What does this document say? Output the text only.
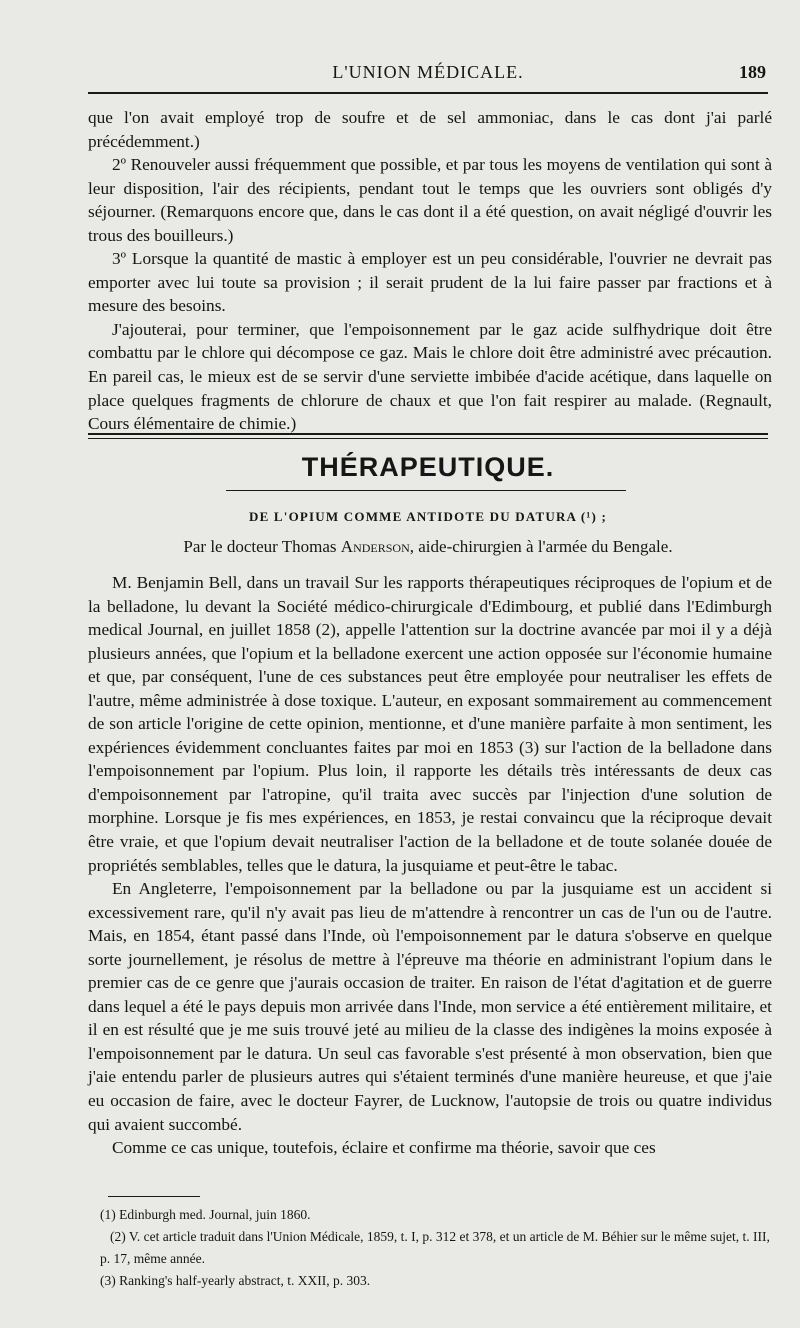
L'UNION MÉDICALE.	189

que l'on avait employé trop de soufre et de sel ammoniac, dans le cas dont j'ai parlé précédemment.)

2º Renouveler aussi fréquemment que possible, et par tous les moyens de ventilation qui sont à leur disposition, l'air des récipients, pendant tout le temps que les ouvriers sont obligés d'y séjourner. (Remarquons encore que, dans le cas dont il a été question, on avait négligé d'ouvrir les trous des bouilleurs.)

3º Lorsque la quantité de mastic à employer est un peu considérable, l'ouvrier ne devrait pas emporter avec lui toute sa provision ; il serait prudent de la lui faire passer par fractions et à mesure des besoins.

J'ajouterai, pour terminer, que l'empoisonnement par le gaz acide sulfhydrique doit être combattu par le chlore qui décompose ce gaz. Mais le chlore doit être administré avec précaution. En pareil cas, le mieux est de se servir d'une serviette imbibée d'acide acétique, dans laquelle on place quelques fragments de chlorure de chaux et que l'on fait respirer au malade. (Regnault, Cours élémentaire de chimie.)

THÉRAPEUTIQUE.
DE L'OPIUM COMME ANTIDOTE DU DATURA (¹) ;
Par le docteur Thomas Anderson, aide-chirurgien à l'armée du Bengale.

M. Benjamin Bell, dans un travail Sur les rapports thérapeutiques réciproques de l'opium et de la belladone, lu devant la Société médico-chirurgicale d'Edimbourg, et publié dans l'Edimburgh medical Journal, en juillet 1858 (2), appelle l'attention sur la doctrine avancée par moi il y a déjà plusieurs années, que l'opium et la belladone exercent une action opposée sur l'économie humaine et que, par conséquent, l'une de ces substances peut être employée pour neutraliser les effets de l'autre, même administrée à dose toxique. L'auteur, en exposant sommairement au commencement de son article l'origine de cette opinion, mentionne, et d'une manière parfaite à mon sentiment, les expériences évidemment concluantes faites par moi en 1853 (3) sur l'action de la belladone dans l'empoisonnement par l'opium. Plus loin, il rapporte les détails très intéressants de deux cas d'empoisonnement par l'atropine, qu'il traita avec succès par l'injection d'une solution de morphine. Lorsque je fis mes expériences, en 1853, je restai convaincu que la réciproque devait être vraie, et que l'opium devait neutraliser l'action de la belladone et de toute solanée douée de propriétés semblables, telles que le datura, la jusquiame et peut-être le tabac.

En Angleterre, l'empoisonnement par la belladone ou par la jusquiame est un accident si excessivement rare, qu'il n'y avait pas lieu de m'attendre à rencontrer un cas de l'un ou de l'autre. Mais, en 1854, étant passé dans l'Inde, où l'empoisonnement par le datura s'observe en quelque sorte journellement, je résolus de mettre à l'épreuve ma théorie en administrant l'opium dans le premier cas de ce genre que j'aurais occasion de traiter. En raison de l'état d'agitation et de guerre dans lequel a été le pays depuis mon arrivée dans l'Inde, mon service a été entièrement militaire, et il en est résulté que je me suis trouvé jeté au milieu de la classe des indigènes la moins exposée à l'empoisonnement par le datura. Un seul cas favorable s'est présenté à mon observation, bien que j'aie entendu parler de plusieurs autres qui s'étaient terminés d'une manière heureuse, et que j'aie eu occasion de faire, avec le docteur Fayrer, de Lucknow, l'autopsie de trois ou quatre individus qui avaient succombé.

Comme ce cas unique, toutefois, éclaire et confirme ma théorie, savoir que ces

(1) Edinburgh med. Journal, juin 1860.

(2) V. cet article traduit dans l'Union Médicale, 1859, t. I, p. 312 et 378, et un article de M. Béhier sur le même sujet, t. III, p. 17, même année.

(3) Ranking's half-yearly abstract, t. XXII, p. 303.
